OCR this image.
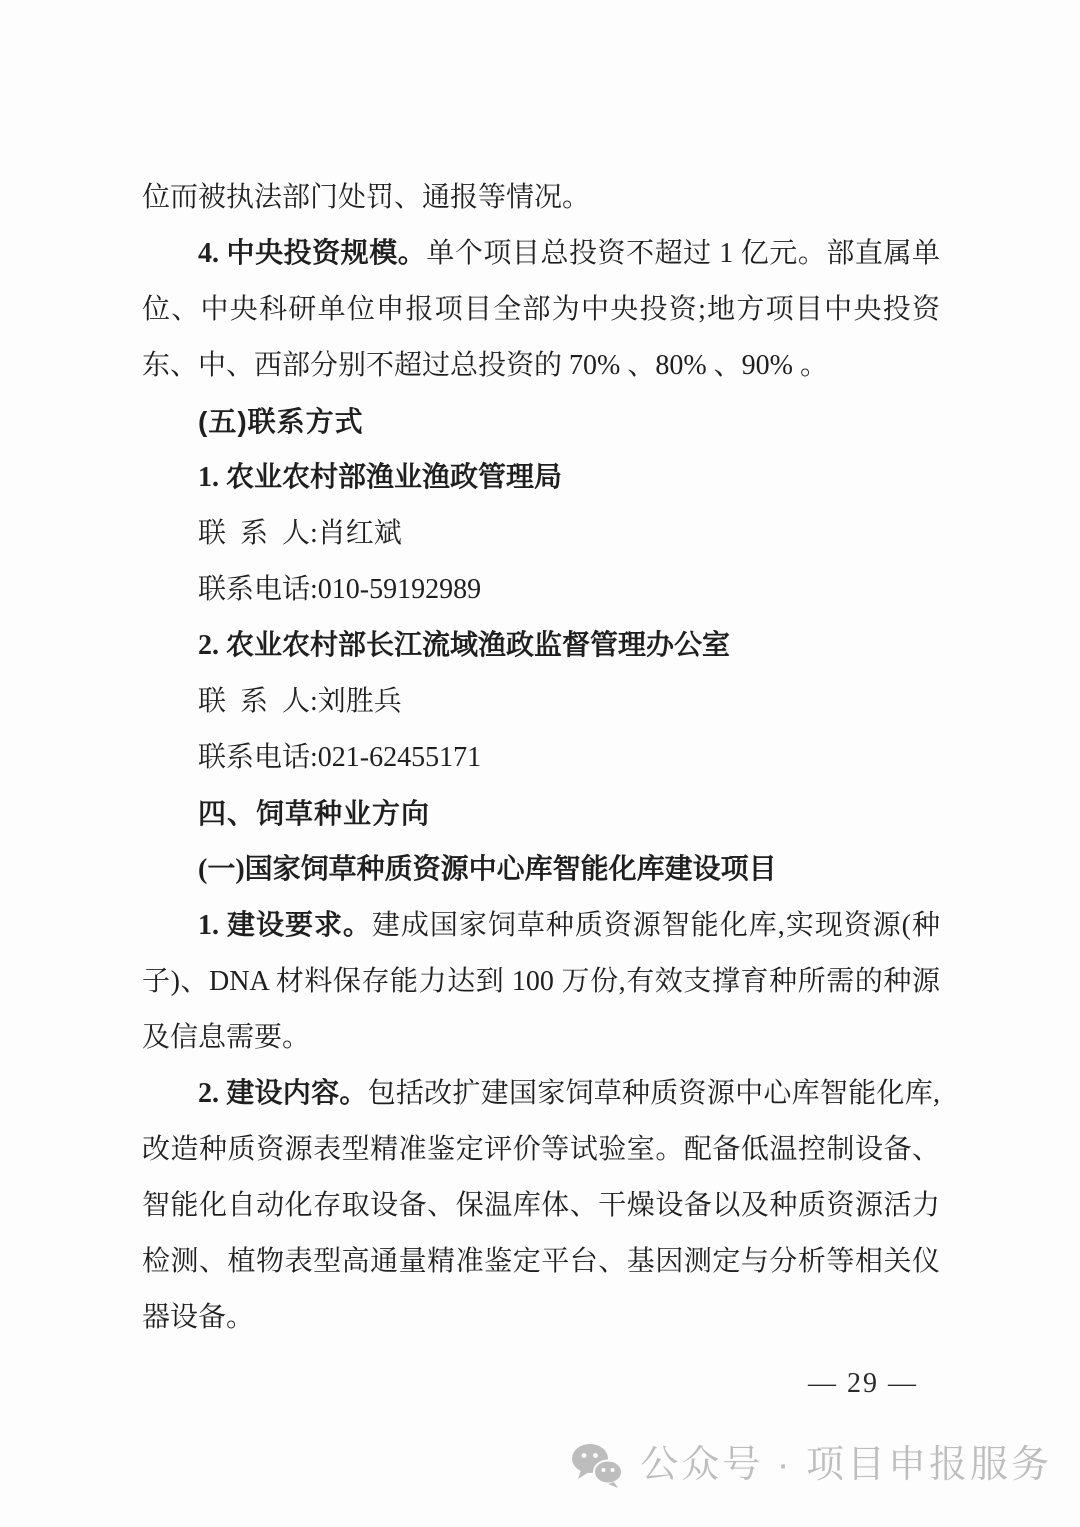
位而被执法部门处罚、通报等情况。

4. 中央投资规模。单个项目总投资不超过 1 亿元。部直属单位、中央科研单位申报项目全部为中央投资;地方项目中央投资东、中、西部分别不超过总投资的 70% 、80% 、90% 。

(五)联系方式

1. 农业农村部渔业渔政管理局

联 系 人:肖红斌

联系电话:010-59192989

2. 农业农村部长江流域渔政监督管理办公室

联 系 人:刘胜兵

联系电话:021-62455171

四、饲草种业方向

(一)国家饲草种质资源中心库智能化库建设项目

1. 建设要求。建成国家饲草种质资源智能化库,实现资源(种子)、DNA 材料保存能力达到 100 万份,有效支撑育种所需的种源及信息需要。

2. 建设内容。包括改扩建国家饲草种质资源中心库智能化库,改造种质资源表型精准鉴定评价等试验室。配备低温控制设备、智能化自动化存取设备、保温库体、干燥设备以及种质资源活力检测、植物表型高通量精准鉴定平台、基因测定与分析等相关仪器设备。

— 29 —
公众号 · 项目申报服务
